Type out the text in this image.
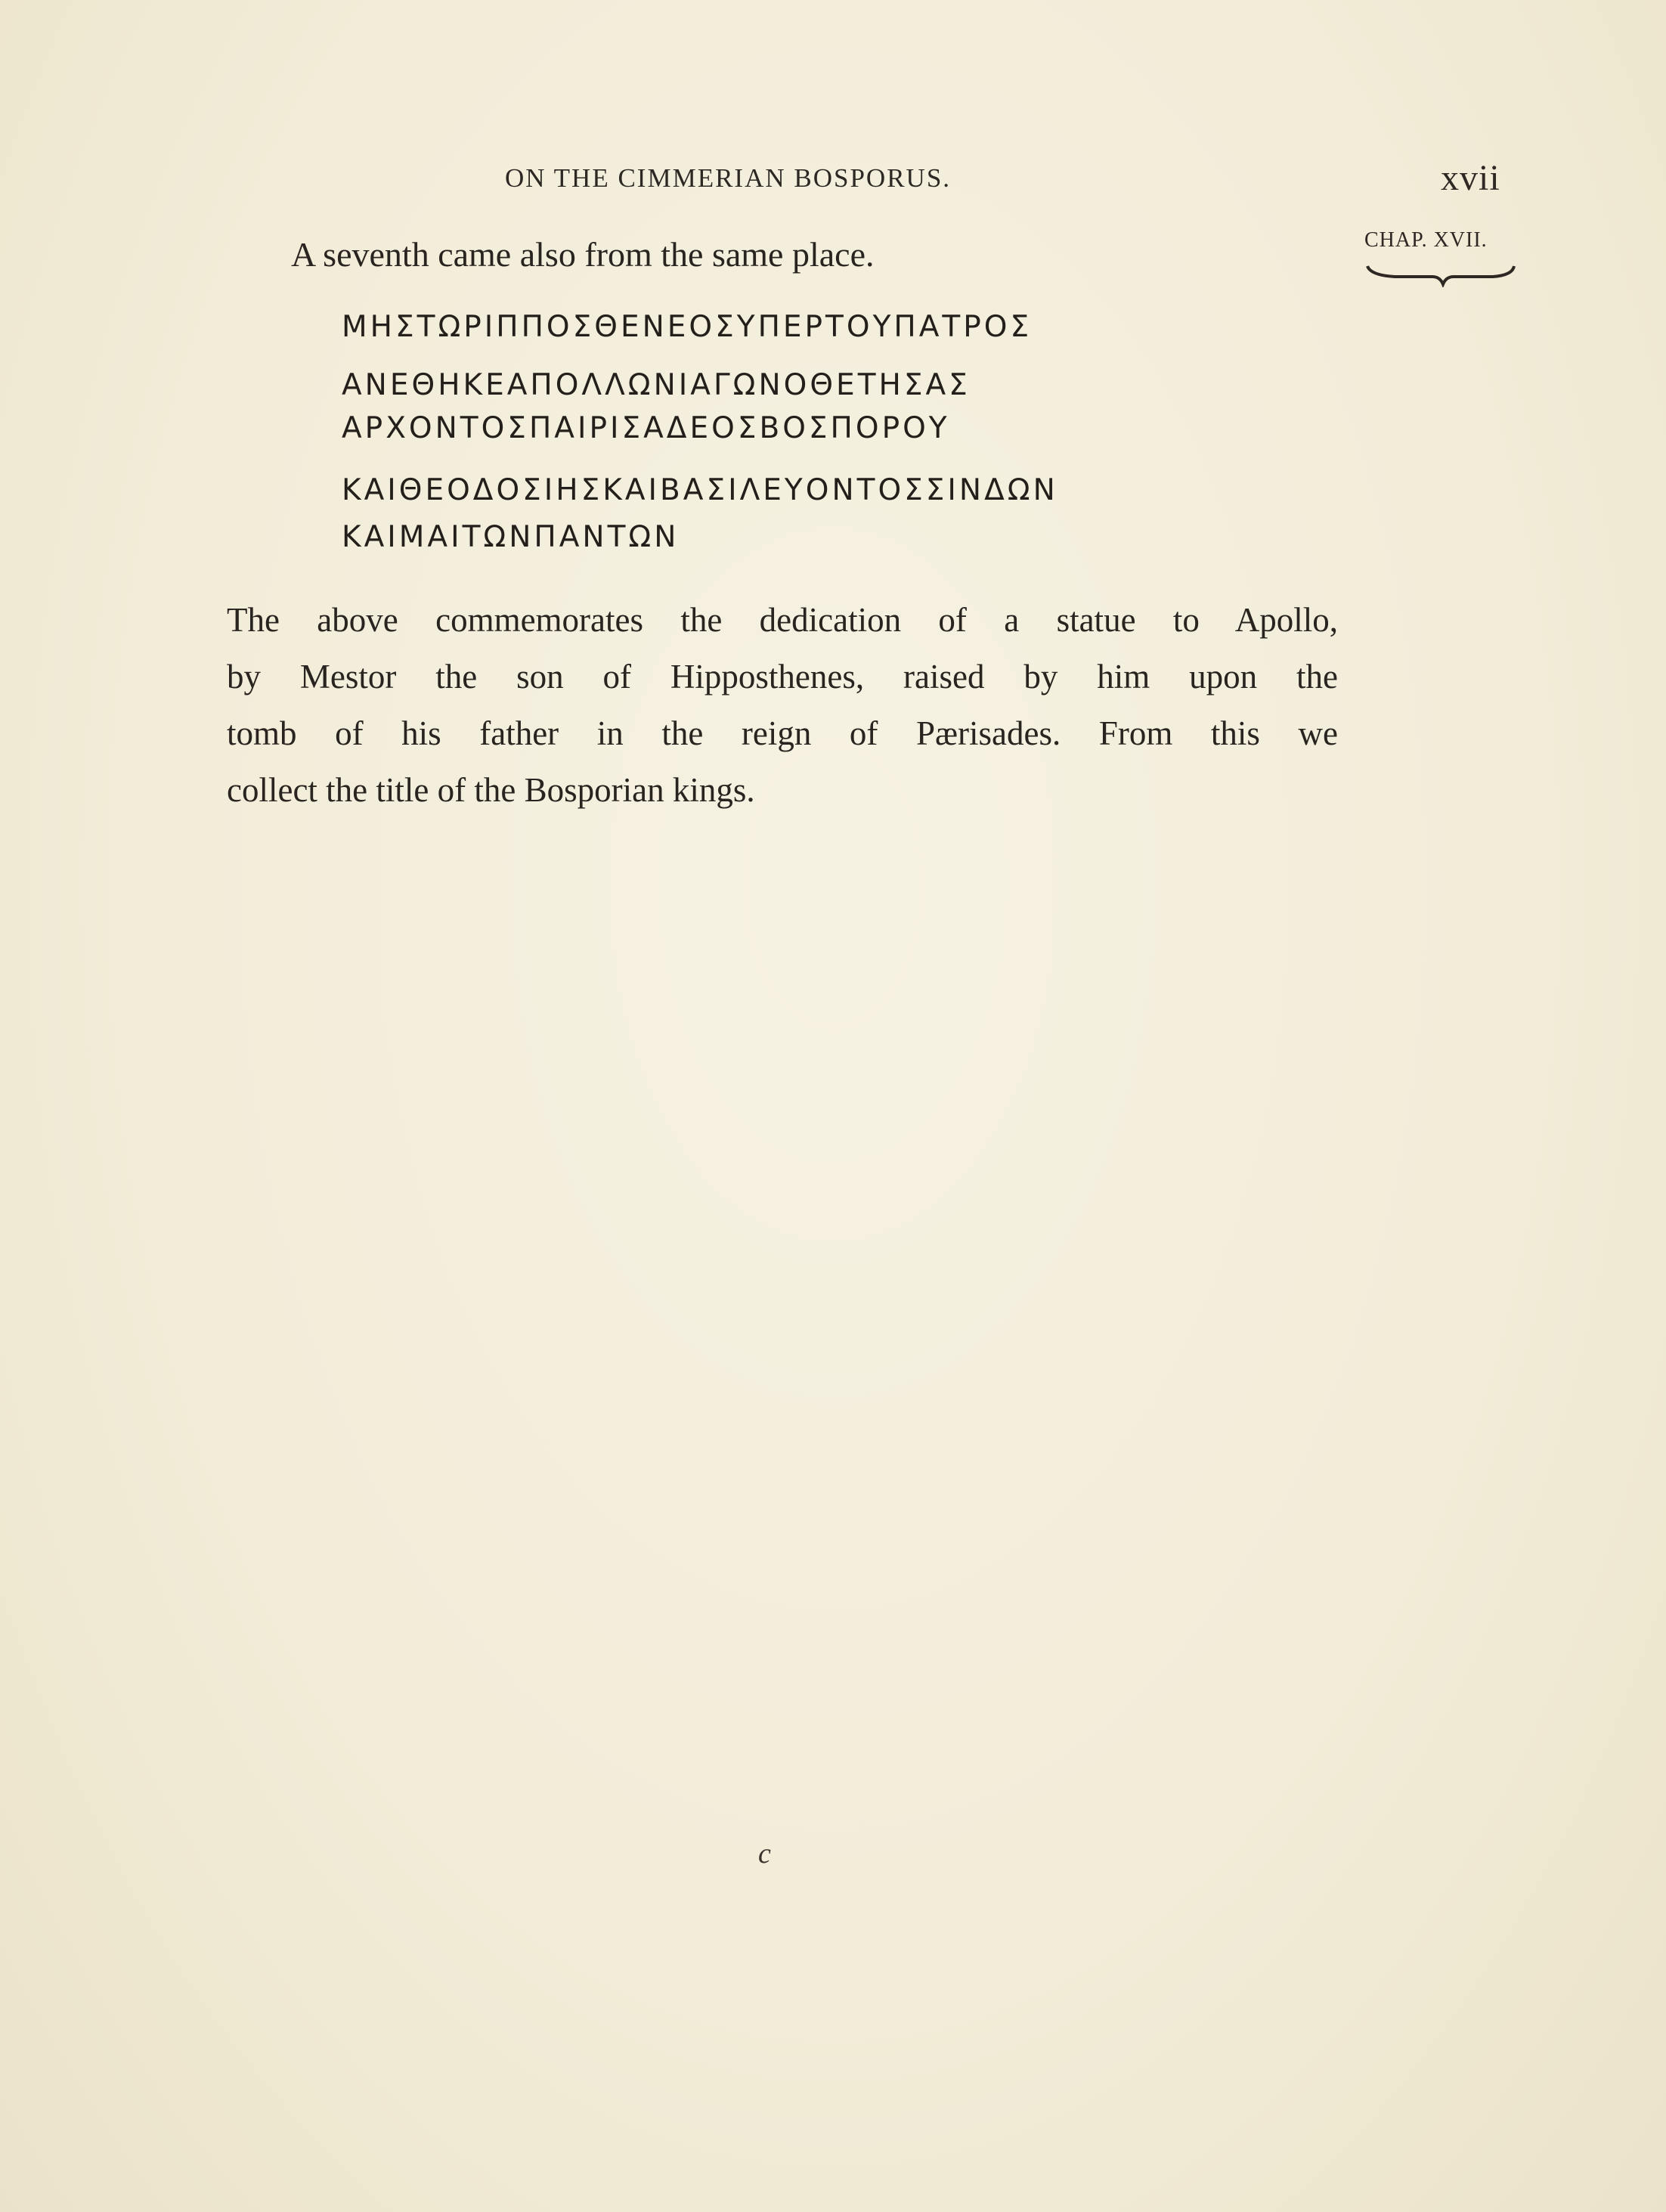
ON THE CIMMERIAN BOSPORUS.	xvii
CHAP. XVII.
A seventh came also from the same place.
ΜΗΣΤΩΡΙΠΠΟΣΘΕΝΕΟΣΥΠΕΡΤΟΥΠΑΤΡΟΣ
ΑΝΕΘΗΚΕΑΠΟΛΛΩΝΙΑΓΩΝΟΘΕΤΗΣΑΣ
ΑΡΧΟΝΤΟΣΠΑΙΡΙΣΑΔΕΟΣΒΟΣΠΟΡΟΥ
ΚΑΙΘΕΟΔΟΣΙΗΣΚΑΙΒΑΣΙΛΕΥΟΝΤΟΣΣΙΝΔΩΝ
ΚΑΙΜΑΙΤΩΝΠΑΝΤΩΝ

The above commemorates the dedication of a statue to Apollo,
by Mestor the son of Hipposthenes, raised by him upon the
tomb of his father in the reign of Pærisades. From this we
collect the title of the Bosporian kings.

c
